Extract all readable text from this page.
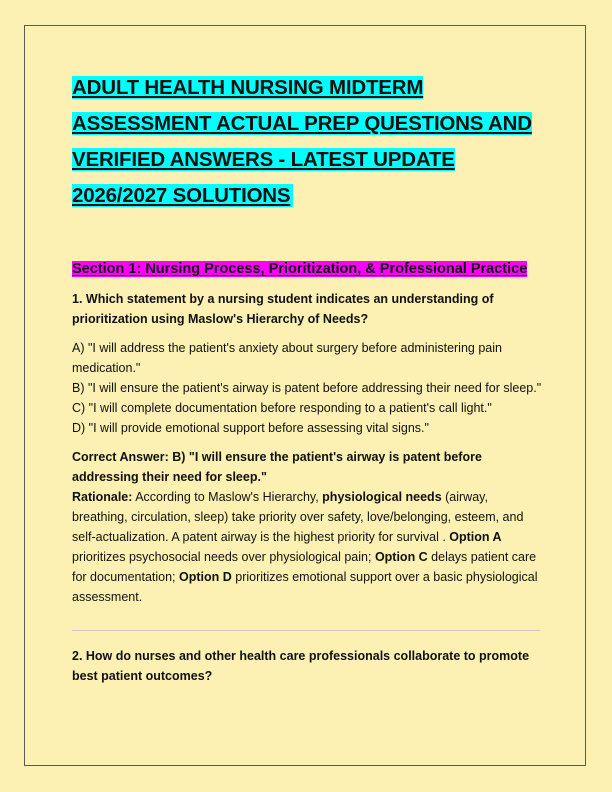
ADULT HEALTH NURSING MIDTERM ASSESSMENT ACTUAL PREP QUESTIONS AND VERIFIED ANSWERS - LATEST UPDATE 2026/2027 SOLUTIONS
Section 1: Nursing Process, Prioritization, & Professional Practice

1. Which statement by a nursing student indicates an understanding of prioritization using Maslow's Hierarchy of Needs?

A) "I will address the patient's anxiety about surgery before administering pain medication."

B) "I will ensure the patient's airway is patent before addressing their need for sleep."

C) "I will complete documentation before responding to a patient's call light."

D) "I will provide emotional support before assessing vital signs."

Correct Answer: B) "I will ensure the patient's airway is patent before addressing their need for sleep."

Rationale: According to Maslow's Hierarchy, physiological needs (airway, breathing, circulation, sleep) take priority over safety, love/belonging, esteem, and self-actualization. A patent airway is the highest priority for survival . Option A prioritizes psychosocial needs over physiological pain; Option C delays patient care for documentation; Option D prioritizes emotional support over a basic physiological assessment.

2. How do nurses and other health care professionals collaborate to promote best patient outcomes?
